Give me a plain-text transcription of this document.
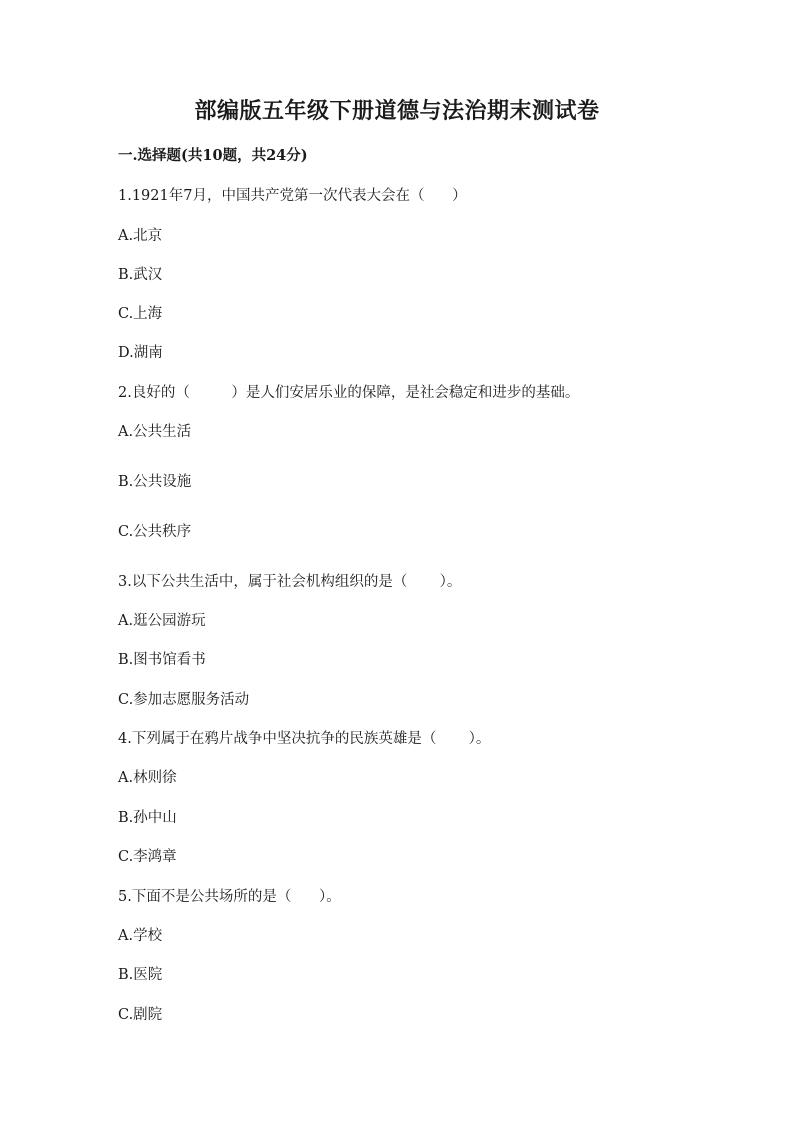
部编版五年级下册道德与法治期末测试卷
一.选择题(共10题，共24分)
1.1921年7月，中国共产党第一次代表大会在（      ）
A.北京
B.武汉
C.上海
D.湖南
2.良好的（         ）是人们安居乐业的保障，是社会稳定和进步的基础。
A.公共生活
B.公共设施
C.公共秩序
3.以下公共生活中，属于社会机构组织的是（       ）。
A.逛公园游玩
B.图书馆看书
C.参加志愿服务活动
4.下列属于在鸦片战争中坚决抗争的民族英雄是（       ）。
A.林则徐
B.孙中山
C.李鸿章
5.下面不是公共场所的是（      ）。
A.学校
B.医院
C.剧院
